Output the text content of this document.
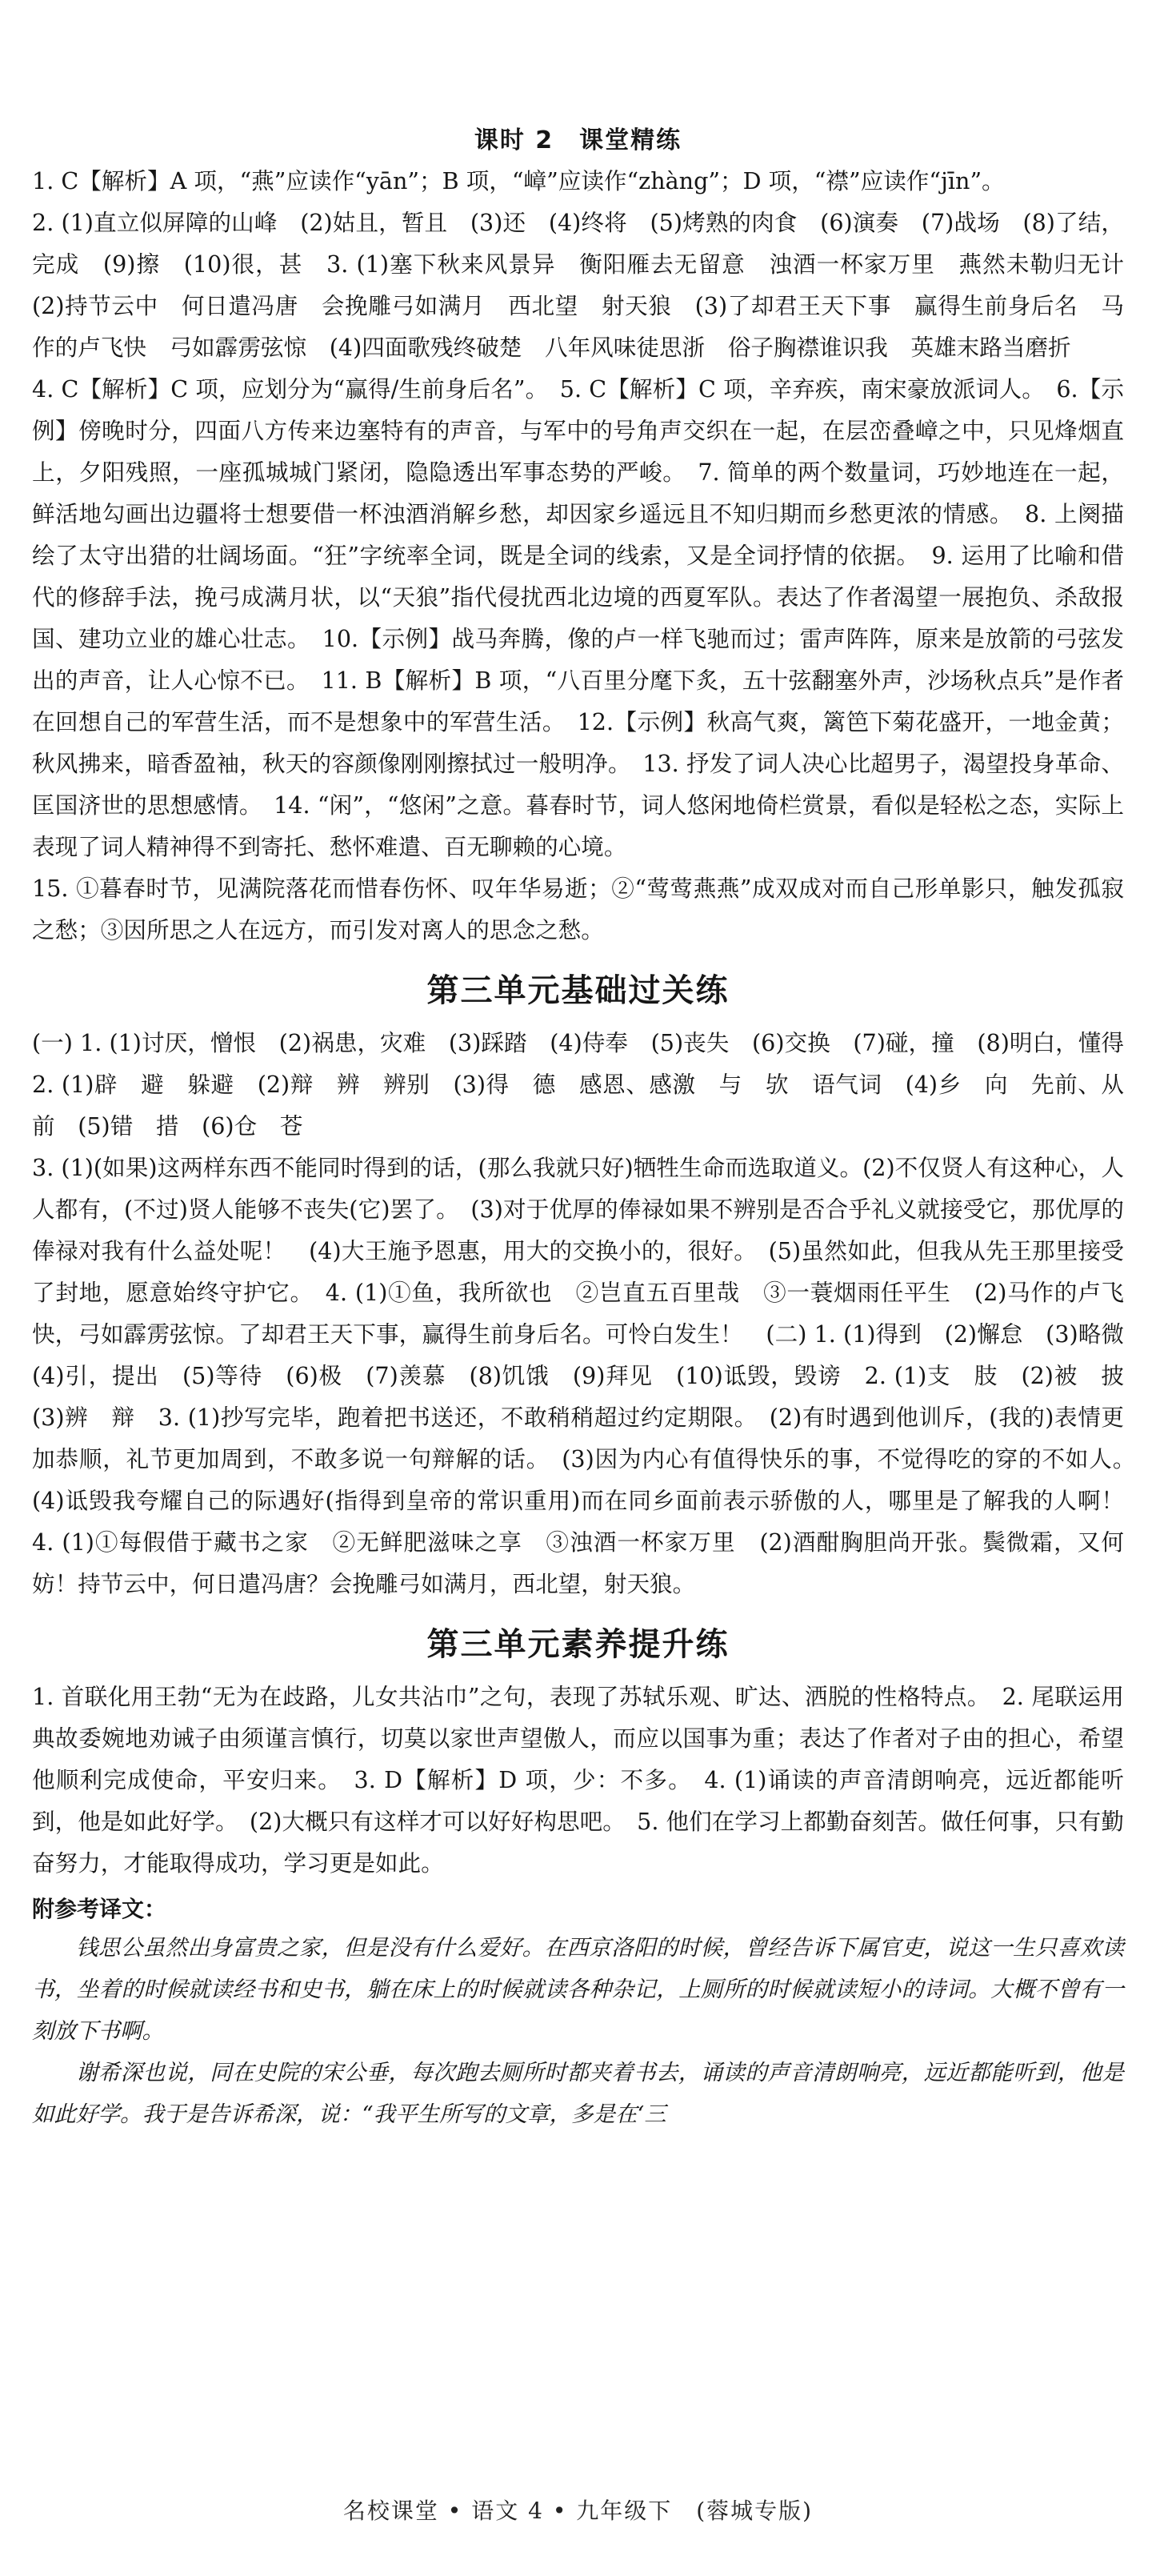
课时 2　课堂精练

1. C【解析】A 项，“燕”应读作“yān”；B 项，“嶂”应读作“zhàng”；D 项，“襟”应读作“jīn”。

2. (1)直立似屏障的山峰　(2)姑且，暂且　(3)还　(4)终将　(5)烤熟的肉食　(6)演奏　(7)战场　(8)了结，完成　(9)擦　(10)很，甚　3. (1)塞下秋来风景异　衡阳雁去无留意　浊酒一杯家万里　燕然未勒归无计　(2)持节云中　何日遣冯唐　会挽雕弓如满月　西北望　射天狼　(3)了却君王天下事　赢得生前身后名　马作的卢飞快　弓如霹雳弦惊　(4)四面歌残终破楚　八年风味徒思浙　俗子胸襟谁识我　英雄末路当磨折

4. C【解析】C 项，应划分为“赢得/生前身后名”。　5. C【解析】C 项，辛弃疾，南宋豪放派词人。　6.【示例】傍晚时分，四面八方传来边塞特有的声音，与军中的号角声交织在一起，在层峦叠嶂之中，只见烽烟直上，夕阳残照，一座孤城城门紧闭，隐隐透出军事态势的严峻。　7. 简单的两个数量词，巧妙地连在一起，鲜活地勾画出边疆将士想要借一杯浊酒消解乡愁，却因家乡遥远且不知归期而乡愁更浓的情感。　8. 上阕描绘了太守出猎的壮阔场面。“狂”字统率全词，既是全词的线索，又是全词抒情的依据。　9. 运用了比喻和借代的修辞手法，挽弓成满月状，以“天狼”指代侵扰西北边境的西夏军队。表达了作者渴望一展抱负、杀敌报国、建功立业的雄心壮志。　10.【示例】战马奔腾，像的卢一样飞驰而过；雷声阵阵，原来是放箭的弓弦发出的声音，让人心惊不已。　11. B【解析】B 项，“八百里分麾下炙，五十弦翻塞外声，沙场秋点兵”是作者在回想自己的军营生活，而不是想象中的军营生活。　12.【示例】秋高气爽，篱笆下菊花盛开，一地金黄；秋风拂来，暗香盈袖，秋天的容颜像刚刚擦拭过一般明净。　13. 抒发了词人决心比超男子，渴望投身革命、匡国济世的思想感情。　14. “闲”，“悠闲”之意。暮春时节，词人悠闲地倚栏赏景，看似是轻松之态，实际上表现了词人精神得不到寄托、愁怀难遣、百无聊赖的心境。

15. ①暮春时节，见满院落花而惜春伤怀、叹年华易逝；②“莺莺燕燕”成双成对而自己形单影只，触发孤寂之愁；③因所思之人在远方，而引发对离人的思念之愁。

第三单元基础过关练

(一) 1. (1)讨厌，憎恨　(2)祸患，灾难　(3)踩踏　(4)侍奉　(5)丧失　(6)交换　(7)碰，撞　(8)明白，懂得　2. (1)辟　避　躲避　(2)辩　辨　辨别　(3)得　德　感恩、感激　与　欤　语气词　(4)乡　向　先前、从前　(5)错　措　(6)仓　苍

3. (1)(如果)这两样东西不能同时得到的话，(那么我就只好)牺牲生命而选取道义。(2)不仅贤人有这种心，人人都有，(不过)贤人能够不丧失(它)罢了。　(3)对于优厚的俸禄如果不辨别是否合乎礼义就接受它，那优厚的俸禄对我有什么益处呢！　(4)大王施予恩惠，用大的交换小的，很好。　(5)虽然如此，但我从先王那里接受了封地，愿意始终守护它。　4. (1)①鱼，我所欲也　②岂直五百里哉　③一蓑烟雨任平生　(2)马作的卢飞快，弓如霹雳弦惊。了却君王天下事，赢得生前身后名。可怜白发生！　(二) 1. (1)得到　(2)懈怠　(3)略微　(4)引，提出　(5)等待　(6)极　(7)羡慕　(8)饥饿　(9)拜见　(10)诋毁，毁谤　2. (1)支　肢　(2)被　披　(3)辨　辩　3. (1)抄写完毕，跑着把书送还，不敢稍稍超过约定期限。　(2)有时遇到他训斥，(我的)表情更加恭顺，礼节更加周到，不敢多说一句辩解的话。　(3)因为内心有值得快乐的事，不觉得吃的穿的不如人。　(4)诋毁我夸耀自己的际遇好(指得到皇帝的常识重用)而在同乡面前表示骄傲的人，哪里是了解我的人啊！　4. (1)①每假借于藏书之家　②无鲜肥滋味之享　③浊酒一杯家万里　(2)酒酣胸胆尚开张。鬓微霜，又何妨！持节云中，何日遣冯唐？会挽雕弓如满月，西北望，射天狼。

第三单元素养提升练

1. 首联化用王勃“无为在歧路，儿女共沾巾”之句，表现了苏轼乐观、旷达、洒脱的性格特点。　2. 尾联运用典故委婉地劝诫子由须谨言慎行，切莫以家世声望傲人，而应以国事为重；表达了作者对子由的担心，希望他顺利完成使命，平安归来。　3. D【解析】D 项，少：不多。　4. (1)诵读的声音清朗响亮，远近都能听到，他是如此好学。　(2)大概只有这样才可以好好构思吧。　5. 他们在学习上都勤奋刻苦。做任何事，只有勤奋努力，才能取得成功，学习更是如此。

附参考译文：

钱思公虽然出身富贵之家，但是没有什么爱好。在西京洛阳的时候，曾经告诉下属官吏，说这一生只喜欢读书，坐着的时候就读经书和史书，躺在床上的时候就读各种杂记，上厕所的时候就读短小的诗词。大概不曾有一刻放下书啊。

谢希深也说，同在史院的宋公垂，每次跑去厕所时都夹着书去，诵读的声音清朗响亮，远近都能听到，他是如此好学。我于是告诉希深，说：“我平生所写的文章，多是在‘三

名校课堂 • 语文 4 • 九年级下　(蓉城专版)
